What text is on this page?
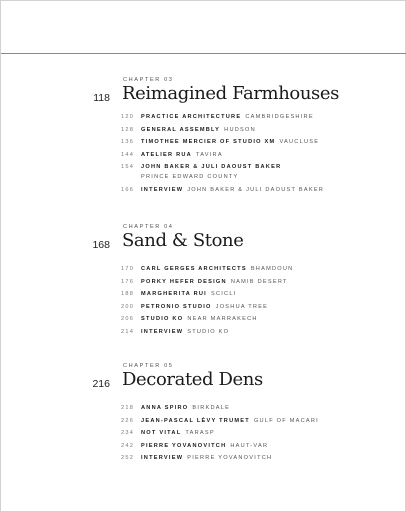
CHAPTER 03
118 Reimagined Farmhouses
120	PRACTICE ARCHITECTURE CAMBRIDGESHIRE
128	GENERAL ASSEMBLY HUDSON
136	TIMOTHEE MERCIER OF STUDIO XM VAUCLUSE
144	ATELIER RUA TAVIRA
154	JOHN BAKER & JULI DAOUST BAKER
PRINCE EDWARD COUNTY
166	INTERVIEW JOHN BAKER & JULI DAOUST BAKER
CHAPTER 04
168 Sand & Stone
170	CARL GERGES ARCHITECTS BHAMDOUN
176	PORKY HEFER DESIGN NAMIB DESERT
188	MARGHERITA RUI SCICLI
200	PETRONIO STUDIO JOSHUA TREE
206	STUDIO KO NEAR MARRAKECH
214	INTERVIEW STUDIO KO
CHAPTER 05
216 Decorated Dens
218	ANNA SPIRO BIRKDALE
226	JEAN-PASCAL LÉVY TRUMET GULF OF MACARI
234	NOT VITAL TARASP
242	PIERRE YOVANOVITCH HAUT-VAR
252	INTERVIEW PIERRE YOVANOVITCH
